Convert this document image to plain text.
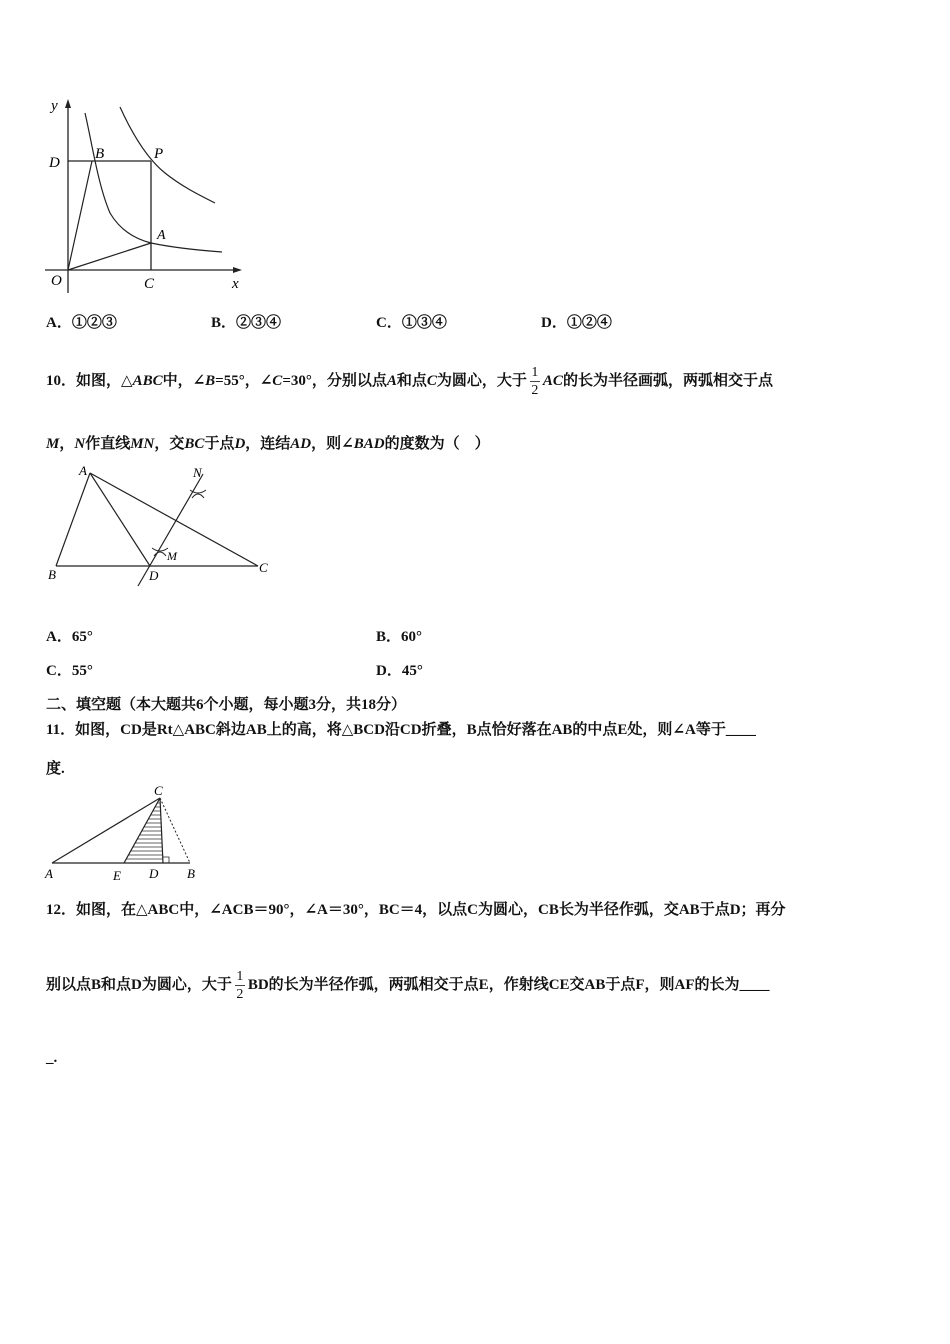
y
D
B	P
A
O	C	x
A．①②③	B．②③④	C．①③④	D．①②④
10．如图，△ABC中，∠B=55°，∠C=30°，分别以点A和点C为圆心，大于 $\frac{1}{2}$ AC的长为半径画弧，两弧相交于点
M，N作直线MN，交BC于点D，连结AD，则∠BAD的度数为（　）
A	N
M
B	D
C
A．65°	B．60°
C．55°	D．45°
二、填空题（本大题共6个小题，每小题3分，共18分）
11．如图，CD是Rt△ABC斜边AB上的高，将△BCD沿CD折叠，B点恰好落在AB的中点E处，则∠A等于____
度.
C
A	E D B
12．如图，在△ABC中，∠ACB＝90°，∠A＝30°，BC＝4，以点C为圆心，CB长为半径作弧，交AB于点D；再分
别以点B和点D为圆心，大于 $\frac{1}{2}$ BD的长为半径作弧，两弧相交于点E，作射线CE交AB于点F，则AF的长为____
_.
